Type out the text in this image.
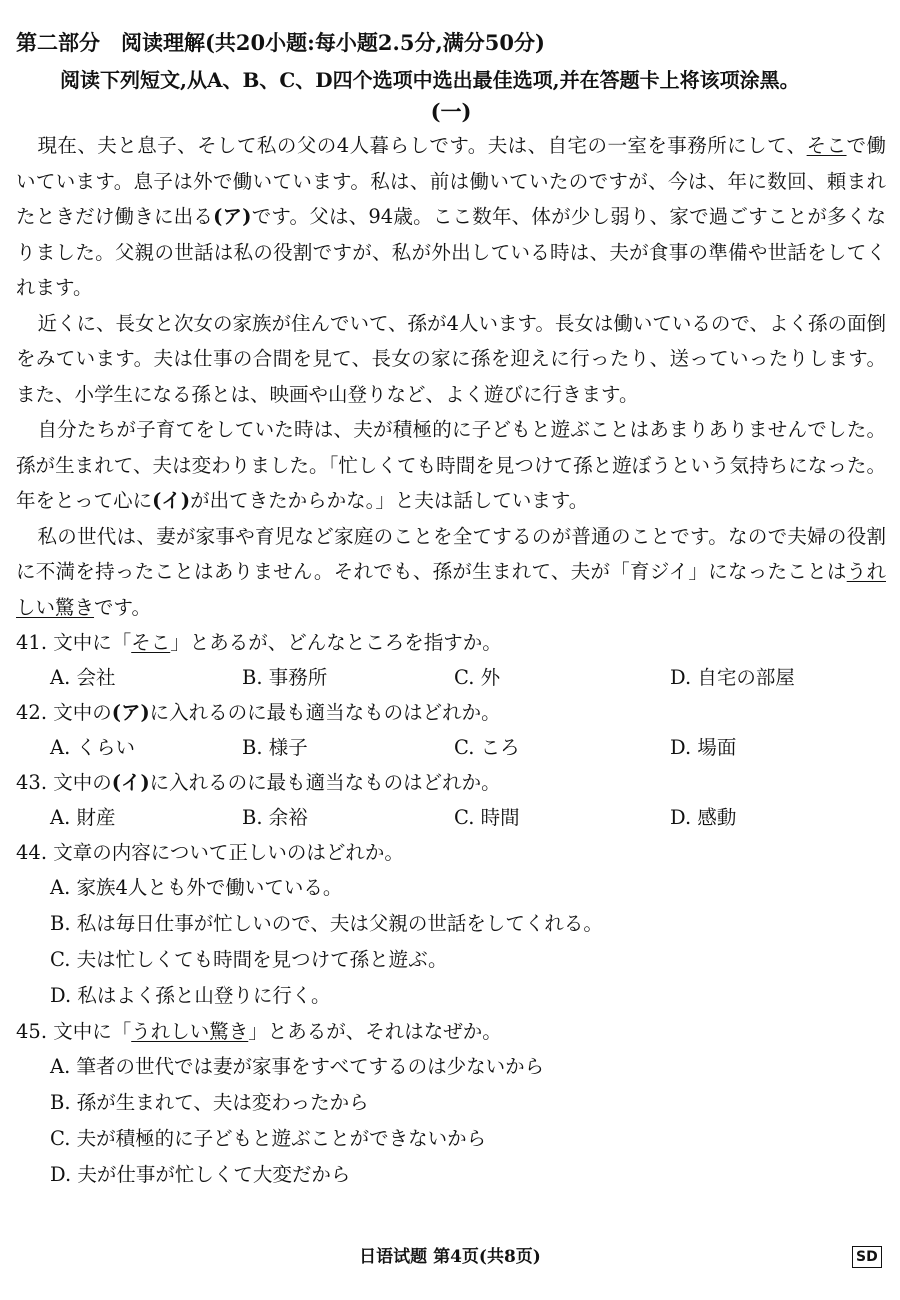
第二部分　阅读理解(共20小题:每小题2.5分,满分50分)
阅读下列短文,从A、B、C、D四个选项中选出最佳选项,并在答题卡上将该项涂黑。
(一)

現在、夫と息子、そして私の父の4人暮らしです。夫は、自宅の一室を事務所にして、そこで働いています。息子は外で働いています。私は、前は働いていたのですが、今は、年に数回、頼まれたときだけ働きに出る(ア)です。父は、94歳。ここ数年、体が少し弱り、家で過ごすことが多くなりました。父親の世話は私の役割ですが、私が外出している時は、夫が食事の準備や世話をしてくれます。

近くに、長女と次女の家族が住んでいて、孫が4人います。長女は働いているので、よく孫の面倒をみています。夫は仕事の合間を見て、長女の家に孫を迎えに行ったり、送っていったりします。また、小学生になる孫とは、映画や山登りなど、よく遊びに行きます。

自分たちが子育てをしていた時は、夫が積極的に子どもと遊ぶことはあまりありませんでした。孫が生まれて、夫は変わりました。「忙しくても時間を見つけて孫と遊ぼうという気持ちになった。年をとって心に(イ)が出てきたからかな。」と夫は話しています。

私の世代は、妻が家事や育児など家庭のことを全てするのが普通のことです。なので夫婦の役割に不満を持ったことはありません。それでも、孫が生まれて、夫が「育ジイ」になったことはうれしい驚きです。

41. 文中に「そこ」とあるが、どんなところを指すか。

A. 会社	B. 事務所	C. 外	D. 自宅の部屋

42. 文中の(ア)に入れるのに最も適当なものはどれか。

A. くらい	B. 様子	C. ころ	D. 場面

43. 文中の(イ)に入れるのに最も適当なものはどれか。

A. 財産	B. 余裕	C. 時間	D. 感動

44. 文章の内容について正しいのはどれか。

A. 家族4人とも外で働いている。
B. 私は毎日仕事が忙しいので、夫は父親の世話をしてくれる。
C. 夫は忙しくても時間を見つけて孫と遊ぶ。
D. 私はよく孫と山登りに行く。

45. 文中に「うれしい驚き」とあるが、それはなぜか。

A. 筆者の世代では妻が家事をすべてするのは少ないから
B. 孫が生まれて、夫は変わったから
C. 夫が積極的に子どもと遊ぶことができないから
D. 夫が仕事が忙しくて大変だから
日语试题 第4页(共8页)	SD
